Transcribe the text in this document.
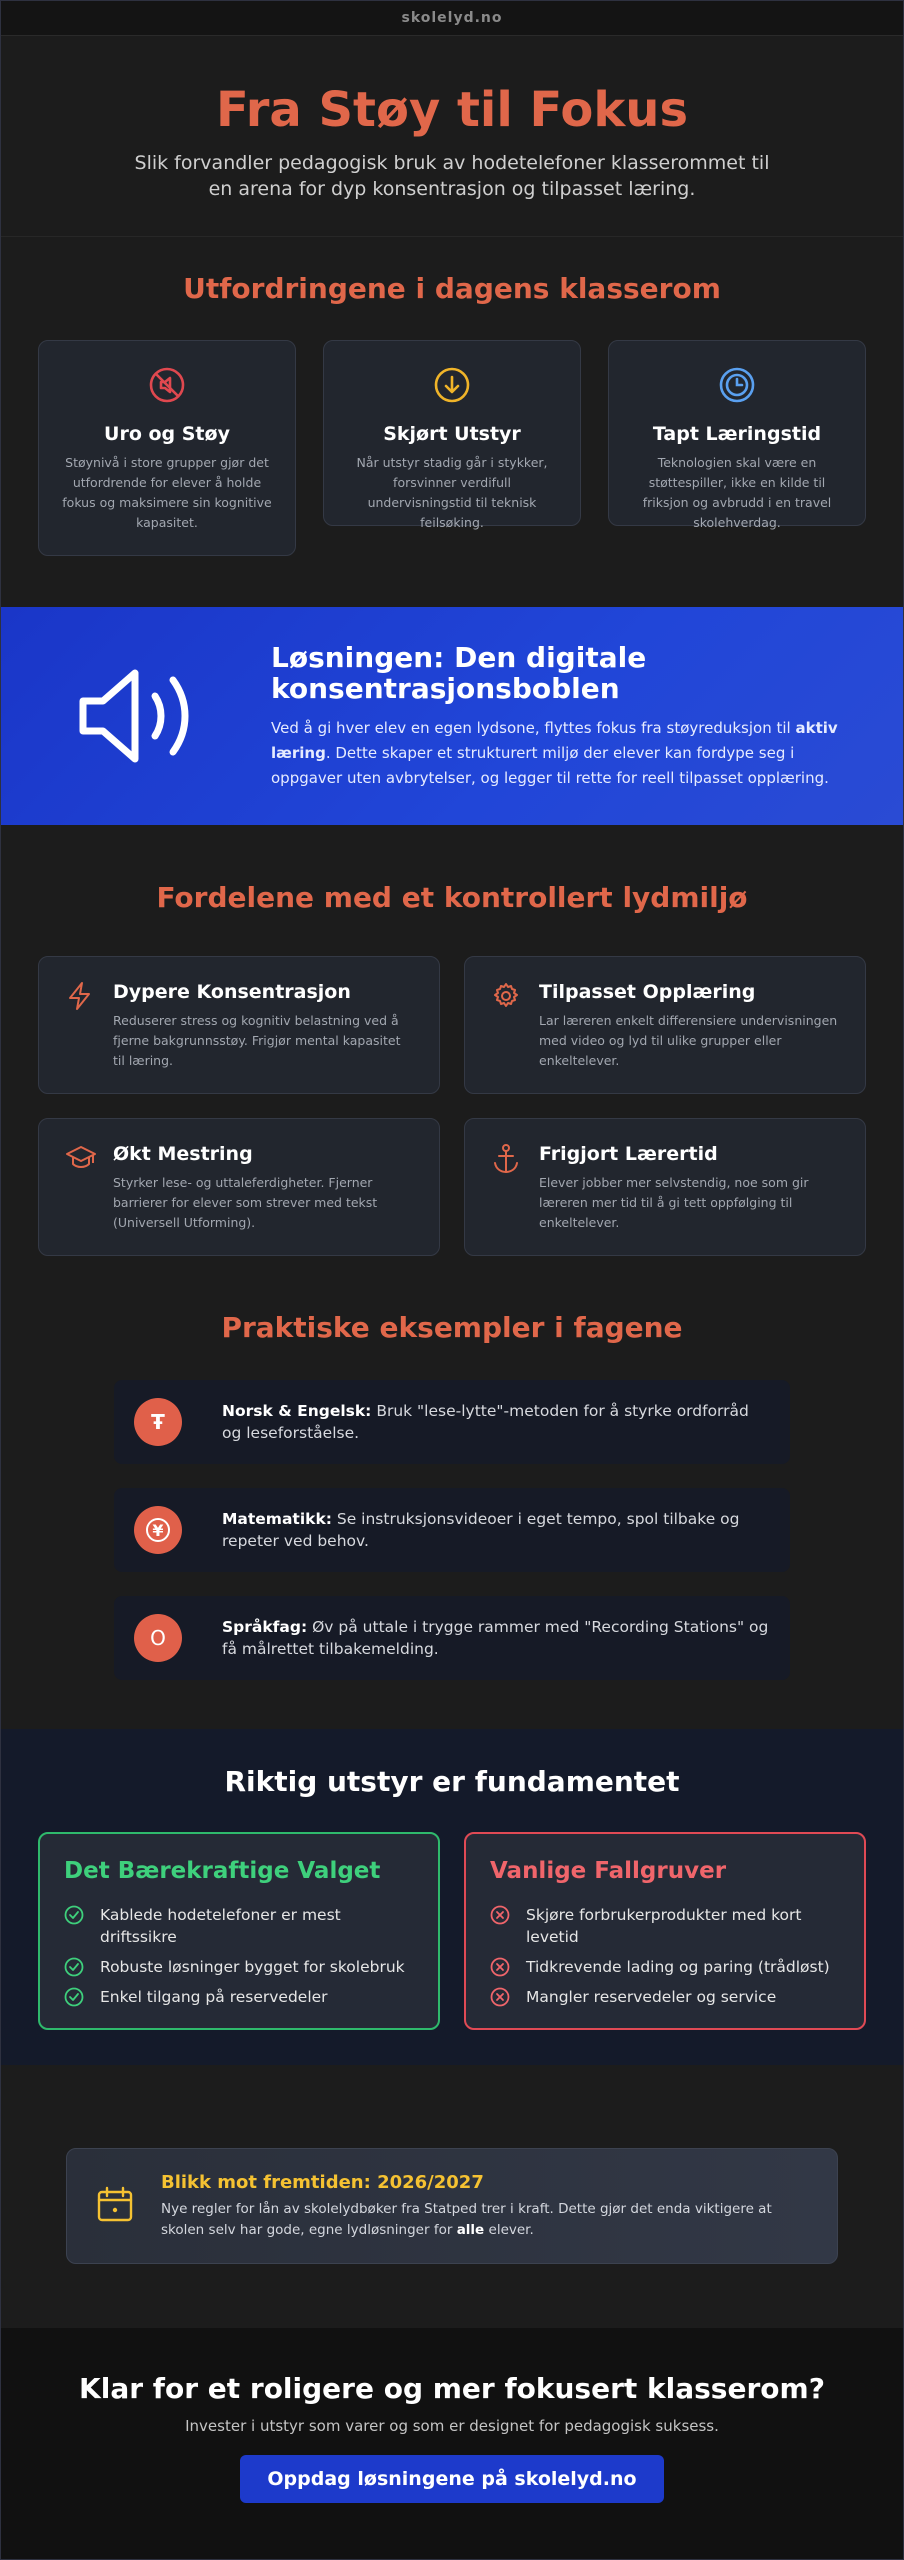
skolelyd.no
Fra Støy til Fokus

Slik forvandler pedagogisk bruk av hodetelefoner klasserommet til en arena for dyp konsentrasjon og tilpasset læring.

Utfordringene i dagens klasserom
Uro og Støy

Støynivå i store grupper gjør det utfordrende for elever å holde fokus og maksimere sin kognitive kapasitet.

Skjørt Utstyr

Når utstyr stadig går i stykker, forsvinner verdifull undervisningstid til teknisk feilsøking.

Tapt Læringstid

Teknologien skal være en støttespiller, ikke en kilde til friksjon og avbrudd i en travel skolehverdag.

Løsningen: Den digitale konsentrasjonsboblen

Ved å gi hver elev en egen lydsone, flyttes fokus fra støyreduksjon til aktiv læring. Dette skaper et strukturert miljø der elever kan fordype seg i oppgaver uten avbrytelser, og legger til rette for reell tilpasset opplæring.

Fordelene med et kontrollert lydmiljø
Dypere Konsentrasjon

Reduserer stress og kognitiv belastning ved å fjerne bakgrunnsstøy. Frigjør mental kapasitet til læring.

Tilpasset Opplæring

Lar læreren enkelt differensiere undervisningen med video og lyd til ulike grupper eller enkeltelever.

Økt Mestring

Styrker lese- og uttaleferdigheter. Fjerner barrierer for elever som strever med tekst (Universell Utforming).

Frigjort Lærertid

Elever jobber mer selvstendig, noe som gir læreren mer tid til å gi tett oppfølging til enkeltelever.

Praktiske eksempler i fagene
Ŧ	Norsk & Engelsk: Bruk "lese-lytte"-metoden for å styrke ordforråd og leseforståelse.

¥

Matematikk: Se instruksjonsvideoer i eget tempo, spol tilbake og repeter ved behov.

O	Språkfag: Øv på uttale i trygge rammer med "Recording Stations" og få målrettet tilbakemelding.

Riktig utstyr er fundamentet
Det Bærekraftige Valget
Kablede hodetelefoner er mest driftssikre
Robuste løsninger bygget for skolebruk
Enkel tilgang på reservedeler
Vanlige Fallgruver
Skjøre forbrukerprodukter med kort levetid
Tidkrevende lading og paring (trådløst)
Mangler reservedeler og service
Blikk mot fremtiden: 2026/2027

Nye regler for lån av skolelydbøker fra Statped trer i kraft. Dette gjør det enda viktigere at skolen selv har gode, egne lydløsninger for alle elever.

Klar for et roligere og mer fokusert klasserom?

Invester i utstyr som varer og som er designet for pedagogisk suksess.

Oppdag løsningene på skolelyd.no
